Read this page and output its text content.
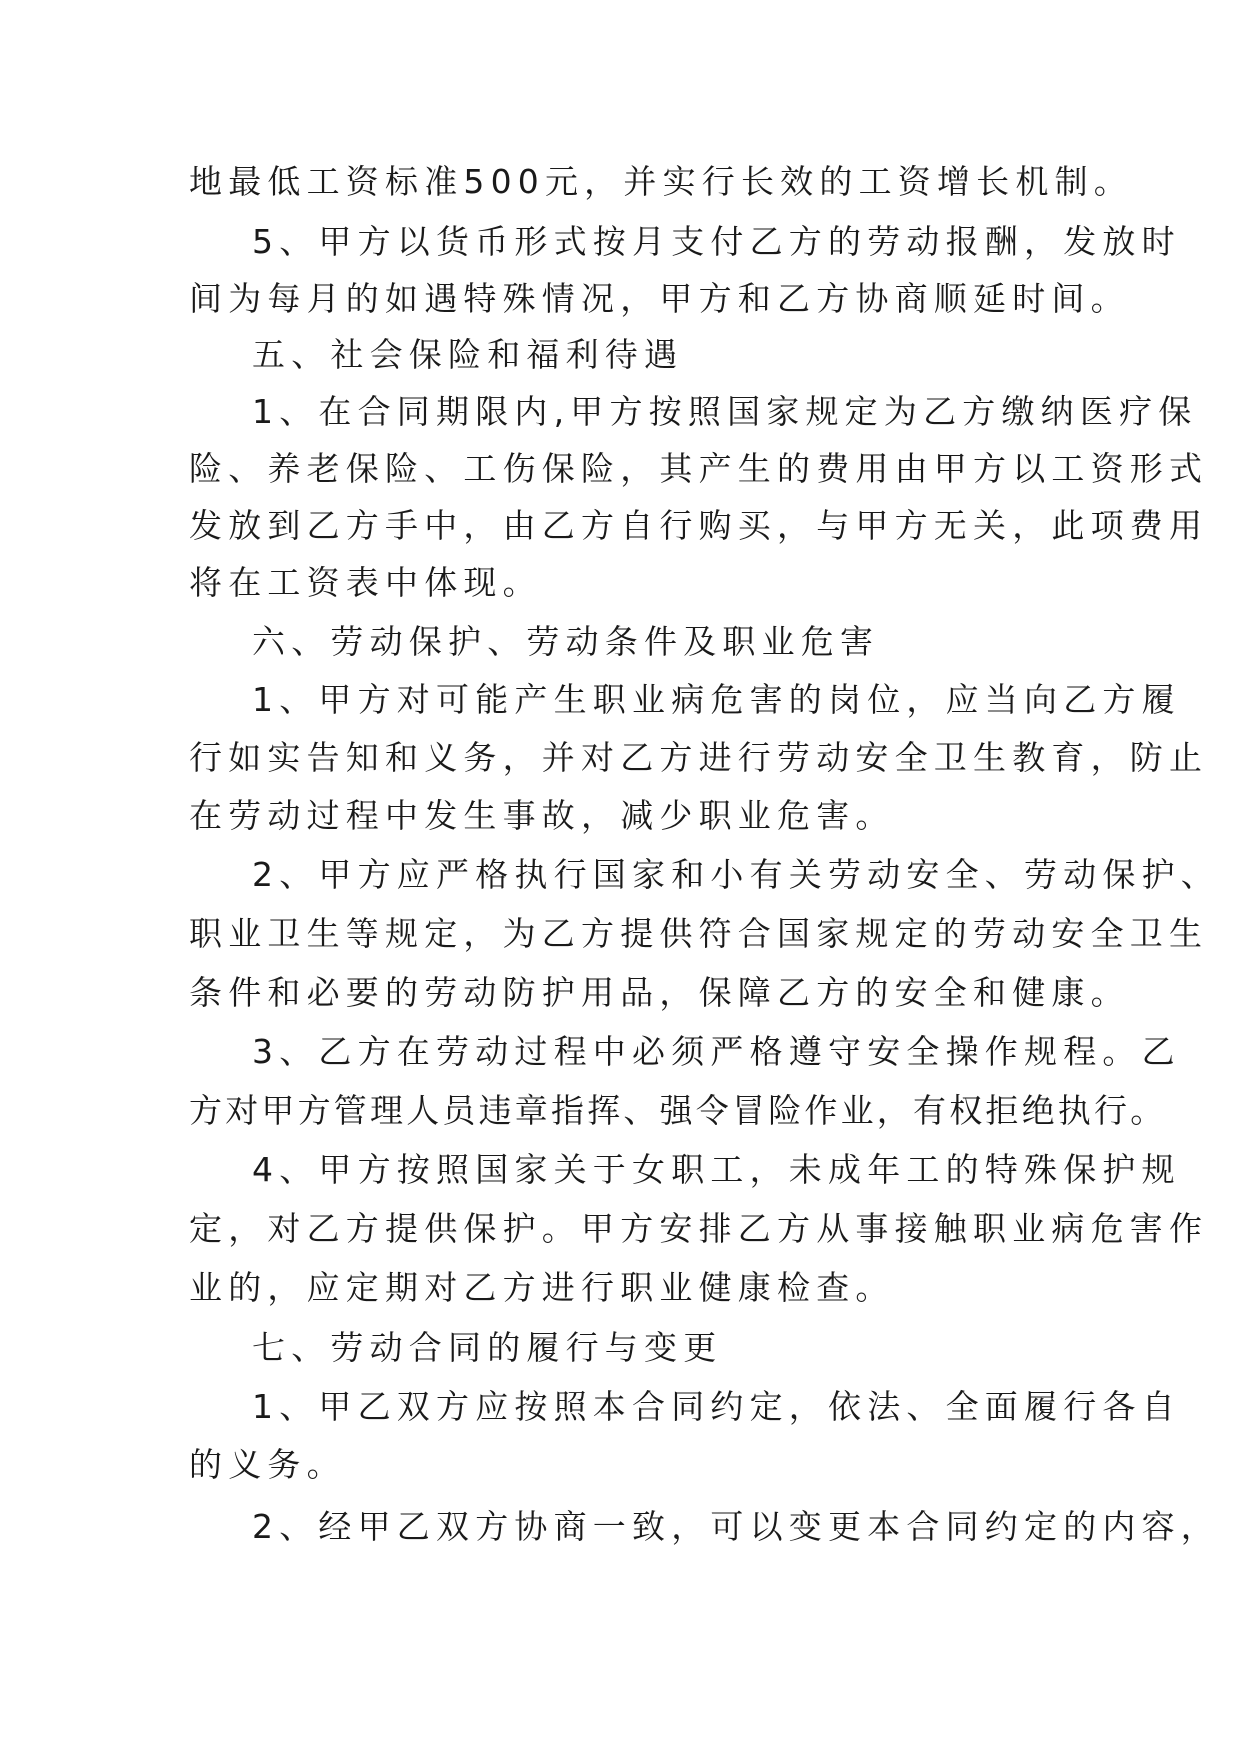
地最低工资标准500元，并实行长效的工资增长机制。
5、甲方以货币形式按月支付乙方的劳动报酬，发放时
间为每月的如遇特殊情况，甲方和乙方协商顺延时间。
五、社会保险和福利待遇
1、在合同期限内,甲方按照国家规定为乙方缴纳医疗保
险、养老保险、工伤保险，其产生的费用由甲方以工资形式
发放到乙方手中，由乙方自行购买，与甲方无关，此项费用
将在工资表中体现。
六、劳动保护、劳动条件及职业危害
1、甲方对可能产生职业病危害的岗位，应当向乙方履
行如实告知和义务，并对乙方进行劳动安全卫生教育，防止
在劳动过程中发生事故，减少职业危害。
2、甲方应严格执行国家和小有关劳动安全、劳动保护、
职业卫生等规定，为乙方提供符合国家规定的劳动安全卫生
条件和必要的劳动防护用品，保障乙方的安全和健康。
3、乙方在劳动过程中必须严格遵守安全操作规程。乙
方对甲方管理人员违章指挥、强令冒险作业，有权拒绝执行。
4、甲方按照国家关于女职工，未成年工的特殊保护规
定，对乙方提供保护。甲方安排乙方从事接触职业病危害作
业的，应定期对乙方进行职业健康检查。
七、劳动合同的履行与变更
1、甲乙双方应按照本合同约定，依法、全面履行各自
的义务。
2、经甲乙双方协商一致，可以变更本合同约定的内容，
